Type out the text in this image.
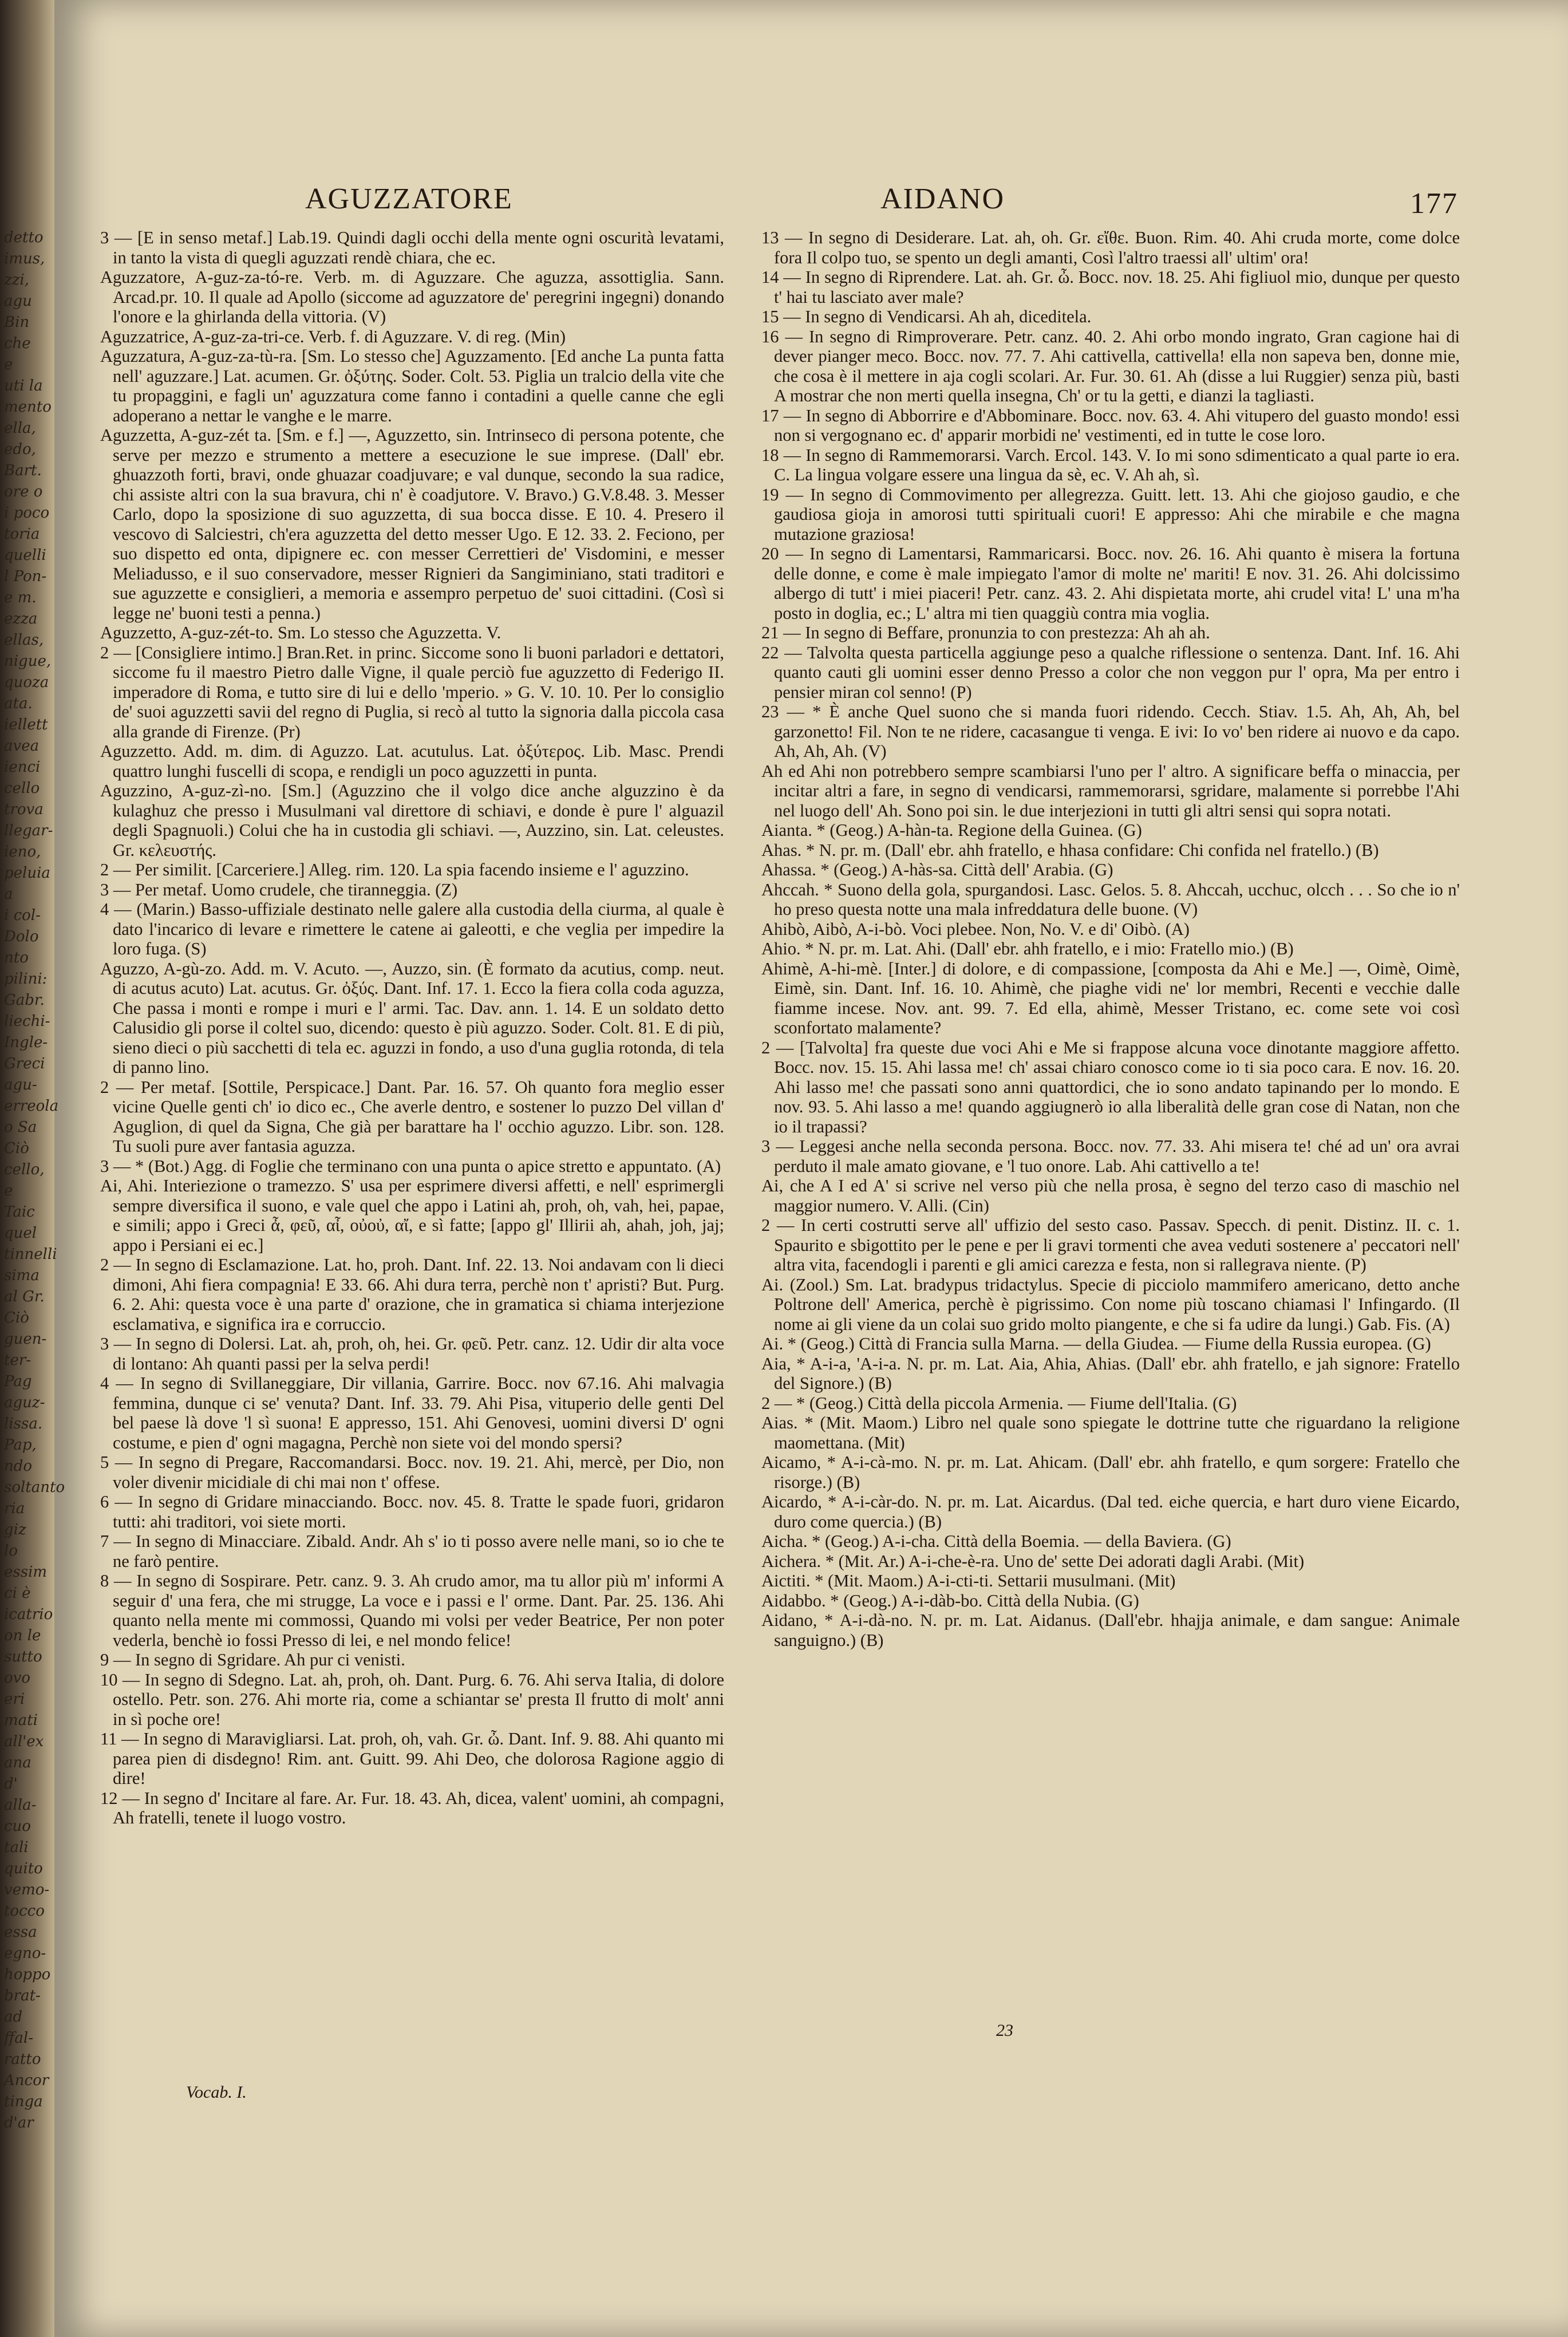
detto
imus,
zzi,
agu
Bin
che
e
uti la
mento
ella,
edo,
Bart.
ore o
i poco
toria
quelli
l Pon-
e m.
ezza
ellas,
nigue,
quoza
ata.
iellett
avea
ienci
cello
trova
llegar-
ieno,
peluia
a
i col-
Dolo
nto
pilini:
Gabr.
liechi-
Ingle-
Greci
agu-
erreola
o Sa
Ciò
cello,
e
Taic
quel
tinnelli
sima
al Gr.
Ciò
guen-
ter-
Pag
aguz-
lissa.
Pap,
ndo
soltanto
ria
giz
lo
essim
ci è
icatrio
on le
sutto
ovo
eri
mati
all'ex
ana
d'
alla-
cuo
tali
quito
vemo-
tocco
essa
egno-
hoppo
brat-
ad
ffal-
ratto
Ancor
tinga
d'ar
AGUZZATORE	AIDANO	177

3 — [E in senso metaf.] Lab.19. Quindi dagli occhi della mente ogni oscurità levatami, in tanto la vista di quegli aguzzati rendè chiara, che ec.

Aguzzatore, A-guz-za-tó-re. Verb. m. di Aguzzare. Che aguzza, assottiglia. Sann. Arcad.pr. 10. Il quale ad Apollo (siccome ad aguzzatore de' peregrini ingegni) donando l'onore e la ghirlanda della vittoria. (V)

Aguzzatrice, A-guz-za-tri-ce. Verb. f. di Aguzzare. V. di reg. (Min)

Aguzzatura, A-guz-za-tù-ra. [Sm. Lo stesso che] Aguzzamento. [Ed anche La punta fatta nell' aguzzare.] Lat. acumen. Gr. ὀξύτης. Soder. Colt. 53. Piglia un tralcio della vite che tu propaggini, e fagli un' aguzzatura come fanno i contadini a quelle canne che egli adoperano a nettar le vanghe e le marre.

Aguzzetta, A-guz-zét ta. [Sm. e f.] —, Aguzzetto, sin. Intrinseco di persona potente, che serve per mezzo e strumento a mettere a esecuzione le sue imprese. (Dall' ebr. ghuazzoth forti, bravi, onde ghuazar coadjuvare; e val dunque, secondo la sua radice, chi assiste altri con la sua bravura, chi n' è coadjutore. V. Bravo.) G.V.8.48. 3. Messer Carlo, dopo la sposizione di suo aguzzetta, di sua bocca disse. E 10. 4. Presero il vescovo di Salciestri, ch'era aguzzetta del detto messer Ugo. E 12. 33. 2. Feciono, per suo dispetto ed onta, dipignere ec. con messer Cerrettieri de' Visdomini, e messer Meliadusso, e il suo conservadore, messer Rignieri da Sangiminiano, stati traditori e sue aguzzette e consiglieri, a memoria e assempro perpetuo de' suoi cittadini. (Così si legge ne' buoni testi a penna.)

Aguzzetto, A-guz-zét-to. Sm. Lo stesso che Aguzzetta. V.

2 — [Consigliere intimo.] Bran.Ret. in princ. Siccome sono li buoni parladori e dettatori, siccome fu il maestro Pietro dalle Vigne, il quale perciò fue aguzzetto di Federigo II. imperadore di Roma, e tutto sire di lui e dello 'mperio. » G. V. 10. 10. Per lo consiglio de' suoi aguzzetti savii del regno di Puglia, si recò al tutto la signoria dalla piccola casa alla grande di Firenze. (Pr)

Aguzzetto. Add. m. dim. di Aguzzo. Lat. acutulus. Lat. ὀξύτερος. Lib. Masc. Prendi quattro lunghi fuscelli di scopa, e rendigli un poco aguzzetti in punta.

Aguzzino, A-guz-zì-no. [Sm.] (Aguzzino che il volgo dice anche alguzzino è da kulaghuz che presso i Musulmani val direttore di schiavi, e donde è pure l' alguazil degli Spagnuoli.) Colui che ha in custodia gli schiavi. —, Auzzino, sin. Lat. celeustes. Gr. κελευστής.

2 — Per similit. [Carceriere.] Alleg. rim. 120. La spia facendo insieme e l' aguzzino.

3 — Per metaf. Uomo crudele, che tiranneggia. (Z)

4 — (Marin.) Basso-uffiziale destinato nelle galere alla custodia della ciurma, al quale è dato l'incarico di levare e rimettere le catene ai galeotti, e che veglia per impedire la loro fuga. (S)

Aguzzo, A-gù-zo. Add. m. V. Acuto. —, Auzzo, sin. (È formato da acutius, comp. neut. di acutus acuto) Lat. acutus. Gr. ὀξύς. Dant. Inf. 17. 1. Ecco la fiera colla coda aguzza, Che passa i monti e rompe i muri e l' armi. Tac. Dav. ann. 1. 14. E un soldato detto Calusidio gli porse il coltel suo, dicendo: questo è più aguzzo. Soder. Colt. 81. E di più, sieno dieci o più sacchetti di tela ec. aguzzi in fondo, a uso d'una guglia rotonda, di tela di panno lino.

2 — Per metaf. [Sottile, Perspicace.] Dant. Par. 16. 57. Oh quanto fora meglio esser vicine Quelle genti ch' io dico ec., Che averle dentro, e sostener lo puzzo Del villan d' Aguglion, di quel da Signa, Che già per barattare ha l' occhio aguzzo. Libr. son. 128. Tu suoli pure aver fantasia aguzza.

3 — * (Bot.) Agg. di Foglie che terminano con una punta o apice stretto e appuntato. (A)

Ai, Ahi. Interiezione o tramezzo. S' usa per esprimere diversi affetti, e nell' esprimergli sempre diversifica il suono, e vale quel che appo i Latini ah, proh, oh, vah, hei, papae, e simili; appo i Greci ἆ, φεῦ, αἶ, οὐοὐ, αἴ, e sì fatte; [appo gl' Illirii ah, ahah, joh, jaj; appo i Persiani ei ec.]

2 — In segno di Esclamazione. Lat. ho, proh. Dant. Inf. 22. 13. Noi andavam con li dieci dimoni, Ahi fiera compagnia! E 33. 66. Ahi dura terra, perchè non t' apristi? But. Purg. 6. 2. Ahi: questa voce è una parte d' orazione, che in gramatica si chiama interjezione esclamativa, e significa ira e corruccio.

3 — In segno di Dolersi. Lat. ah, proh, oh, hei. Gr. φεῦ. Petr. canz. 12. Udir dir alta voce di lontano: Ah quanti passi per la selva perdi!

4 — In segno di Svillaneggiare, Dir villania, Garrire. Bocc. nov 67.16. Ahi malvagia femmina, dunque ci se' venuta? Dant. Inf. 33. 79. Ahi Pisa, vituperio delle genti Del bel paese là dove 'l sì suona! E appresso, 151. Ahi Genovesi, uomini diversi D' ogni costume, e pien d' ogni magagna, Perchè non siete voi del mondo spersi?

5 — In segno di Pregare, Raccomandarsi. Bocc. nov. 19. 21. Ahi, mercè, per Dio, non voler divenir micidiale di chi mai non t' offese.

6 — In segno di Gridare minacciando. Bocc. nov. 45. 8. Tratte le spade fuori, gridaron tutti: ahi traditori, voi siete morti.

7 — In segno di Minacciare. Zibald. Andr. Ah s' io ti posso avere nelle mani, so io che te ne farò pentire.

8 — In segno di Sospirare. Petr. canz. 9. 3. Ah crudo amor, ma tu allor più m' informi A seguir d' una fera, che mi strugge, La voce e i passi e l' orme. Dant. Par. 25. 136. Ahi quanto nella mente mi commossi, Quando mi volsi per veder Beatrice, Per non poter vederla, benchè io fossi Presso di lei, e nel mondo felice!

9 — In segno di Sgridare. Ah pur ci venisti.

10 — In segno di Sdegno. Lat. ah, proh, oh. Dant. Purg. 6. 76. Ahi serva Italia, di dolore ostello. Petr. son. 276. Ahi morte ria, come a schiantar se' presta Il frutto di molt' anni in sì poche ore!

11 — In segno di Maravigliarsi. Lat. proh, oh, vah. Gr. ὦ. Dant. Inf. 9. 88. Ahi quanto mi parea pien di disdegno! Rim. ant. Guitt. 99. Ahi Deo, che dolorosa Ragione aggio di dire!

12 — In segno d' Incitare al fare. Ar. Fur. 18. 43. Ah, dicea, valent' uomini, ah compagni, Ah fratelli, tenete il luogo vostro.

13 — In segno di Desiderare. Lat. ah, oh. Gr. εἴθε. Buon. Rim. 40. Ahi cruda morte, come dolce fora Il colpo tuo, se spento un degli amanti, Così l'altro traessi all' ultim' ora!

14 — In segno di Riprendere. Lat. ah. Gr. ὦ. Bocc. nov. 18. 25. Ahi figliuol mio, dunque per questo t' hai tu lasciato aver male?

15 — In segno di Vendicarsi. Ah ah, diceditela.

16 — In segno di Rimproverare. Petr. canz. 40. 2. Ahi orbo mondo ingrato, Gran cagione hai di dever pianger meco. Bocc. nov. 77. 7. Ahi cattivella, cattivella! ella non sapeva ben, donne mie, che cosa è il mettere in aja cogli scolari. Ar. Fur. 30. 61. Ah (disse a lui Ruggier) senza più, basti A mostrar che non merti quella insegna, Ch' or tu la getti, e dianzi la tagliasti.

17 — In segno di Abborrire e d'Abbominare. Bocc. nov. 63. 4. Ahi vitupero del guasto mondo! essi non si vergognano ec. d' apparir morbidi ne' vestimenti, ed in tutte le cose loro.

18 — In segno di Rammemorarsi. Varch. Ercol. 143. V. Io mi sono sdimenticato a qual parte io era. C. La lingua volgare essere una lingua da sè, ec. V. Ah ah, sì.

19 — In segno di Commovimento per allegrezza. Guitt. lett. 13. Ahi che giojoso gaudio, e che gaudiosa gioja in amorosi tutti spirituali cuori! E appresso: Ahi che mirabile e che magna mutazione graziosa!

20 — In segno di Lamentarsi, Rammaricarsi. Bocc. nov. 26. 16. Ahi quanto è misera la fortuna delle donne, e come è male impiegato l'amor di molte ne' mariti! E nov. 31. 26. Ahi dolcissimo albergo di tutt' i miei piaceri! Petr. canz. 43. 2. Ahi dispietata morte, ahi crudel vita! L' una m'ha posto in doglia, ec.; L' altra mi tien quaggiù contra mia voglia.

21 — In segno di Beffare, pronunzia to con prestezza: Ah ah ah.

22 — Talvolta questa particella aggiunge peso a qualche riflessione o sentenza. Dant. Inf. 16. Ahi quanto cauti gli uomini esser denno Presso a color che non veggon pur l' opra, Ma per entro i pensier miran col senno! (P)

23 — * È anche Quel suono che si manda fuori ridendo. Cecch. Stiav. 1.5. Ah, Ah, Ah, bel garzonetto! Fil. Non te ne ridere, cacasangue ti venga. E ivi: Io vo' ben ridere ai nuovo e da capo. Ah, Ah, Ah. (V)

Ah ed Ahi non potrebbero sempre scambiarsi l'uno per l' altro. A significare beffa o minaccia, per incitar altri a fare, in segno di vendicarsi, rammemorarsi, sgridare, malamente si porrebbe l'Ahi nel luogo dell' Ah. Sono poi sin. le due interjezioni in tutti gli altri sensi qui sopra notati.

Aianta. * (Geog.) A-hàn-ta. Regione della Guinea. (G)

Ahas. * N. pr. m. (Dall' ebr. ahh fratello, e hhasa confidare: Chi confida nel fratello.) (B)

Ahassa. * (Geog.) A-hàs-sa. Città dell' Arabia. (G)

Ahccah. * Suono della gola, spurgandosi. Lasc. Gelos. 5. 8. Ahccah, ucchuc, olcch . . . So che io n' ho preso questa notte una mala infreddatura delle buone. (V)

Ahibò, Aibò, A-i-bò. Voci plebee. Non, No. V. e di' Oibò. (A)

Ahio. * N. pr. m. Lat. Ahi. (Dall' ebr. ahh fratello, e i mio: Fratello mio.) (B)

Ahimè, A-hi-mè. [Inter.] di dolore, e di compassione, [composta da Ahi e Me.] —, Oimè, Oimè, Eimè, sin. Dant. Inf. 16. 10. Ahimè, che piaghe vidi ne' lor membri, Recenti e vecchie dalle fiamme incese. Nov. ant. 99. 7. Ed ella, ahimè, Messer Tristano, ec. come sete voi così sconfortato malamente?

2 — [Talvolta] fra queste due voci Ahi e Me si frappose alcuna voce dinotante maggiore affetto. Bocc. nov. 15. 15. Ahi lassa me! ch' assai chiaro conosco come io ti sia poco cara. E nov. 16. 20. Ahi lasso me! che passati sono anni quattordici, che io sono andato tapinando per lo mondo. E nov. 93. 5. Ahi lasso a me! quando aggiugnerò io alla liberalità delle gran cose di Natan, non che io il trapassi?

3 — Leggesi anche nella seconda persona. Bocc. nov. 77. 33. Ahi misera te! ché ad un' ora avrai perduto il male amato giovane, e 'l tuo onore. Lab. Ahi cattivello a te!

Ai, che A I ed A' si scrive nel verso più che nella prosa, è segno del terzo caso di maschio nel maggior numero. V. Alli. (Cin)

2 — In certi costrutti serve all' uffizio del sesto caso. Passav. Specch. di penit. Distinz. II. c. 1. Spaurito e sbigottito per le pene e per li gravi tormenti che avea veduti sostenere a' peccatori nell' altra vita, facendogli i parenti e gli amici carezza e festa, non si rallegrava niente. (P)

Ai. (Zool.) Sm. Lat. bradypus tridactylus. Specie di picciolo mammifero americano, detto anche Poltrone dell' America, perchè è pigrissimo. Con nome più toscano chiamasi l' Infingardo. (Il nome ai gli viene da un colai suo grido molto piangente, e che si fa udire da lungi.) Gab. Fis. (A)

Ai. * (Geog.) Città di Francia sulla Marna. — della Giudea. — Fiume della Russia europea. (G)

Aia, * A-i-a, 'A-i-a. N. pr. m. Lat. Aia, Ahia, Ahias. (Dall' ebr. ahh fratello, e jah signore: Fratello del Signore.) (B)

2 — * (Geog.) Città della piccola Armenia. — Fiume dell'Italia. (G)

Aias. * (Mit. Maom.) Libro nel quale sono spiegate le dottrine tutte che riguardano la religione maomettana. (Mit)

Aicamo, * A-i-cà-mo. N. pr. m. Lat. Ahicam. (Dall' ebr. ahh fratello, e qum sorgere: Fratello che risorge.) (B)

Aicardo, * A-i-càr-do. N. pr. m. Lat. Aicardus. (Dal ted. eiche quercia, e hart duro viene Eicardo, duro come quercia.) (B)

Aicha. * (Geog.) A-i-cha. Città della Boemia. — della Baviera. (G)

Aichera. * (Mit. Ar.) A-i-che-è-ra. Uno de' sette Dei adorati dagli Arabi. (Mit)

Aictiti. * (Mit. Maom.) A-i-cti-ti. Settarii musulmani. (Mit)

Aidabbo. * (Geog.) A-i-dàb-bo. Città della Nubia. (G)

Aidano, * A-i-dà-no. N. pr. m. Lat. Aidanus. (Dall'ebr. hhajja animale, e dam sangue: Animale sanguigno.) (B)

Vocab. I.
23
